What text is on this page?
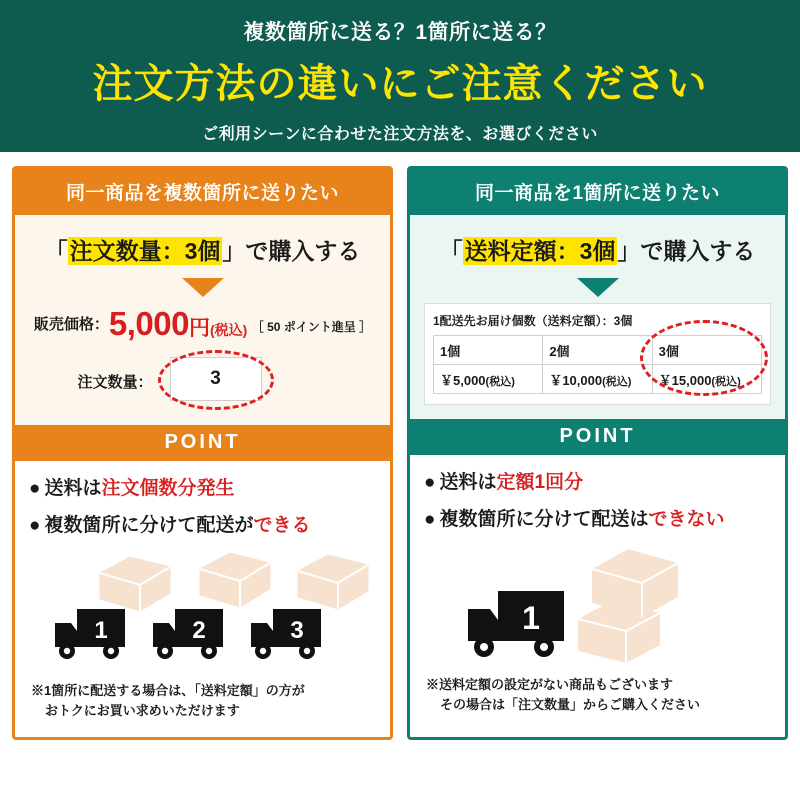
複数箇所に送る？1箇所に送る？
注文方法の違いにご注意ください
ご利用シーンに合わせた注文方法を、お選びください
同一商品を複数箇所に送りたい
「注文数量：3個」で購入する
販売価格：5,000円(税込) $^{[ 50 ポイント進呈 ]}$
注文数量：	3
POINT
● 送料は注文個数分発生
● 複数箇所に分けて配送ができる
1	2	3
※1箇所に配送する場合は、「送料定額」の方が
おトクにお買い求めいただけます
同一商品を1箇所に送りたい
「送料定額：3個」で購入する
1配送先お届け個数（送料定額）：3個
1個	2個	3個
￥5,000(税込)	￥10,000(税込)	￥15,000(税込)
POINT
● 送料は定額1回分
● 複数箇所に分けて配送はできない
1
※送料定額の設定がない商品もございます
その場合は「注文数量」からご購入ください
